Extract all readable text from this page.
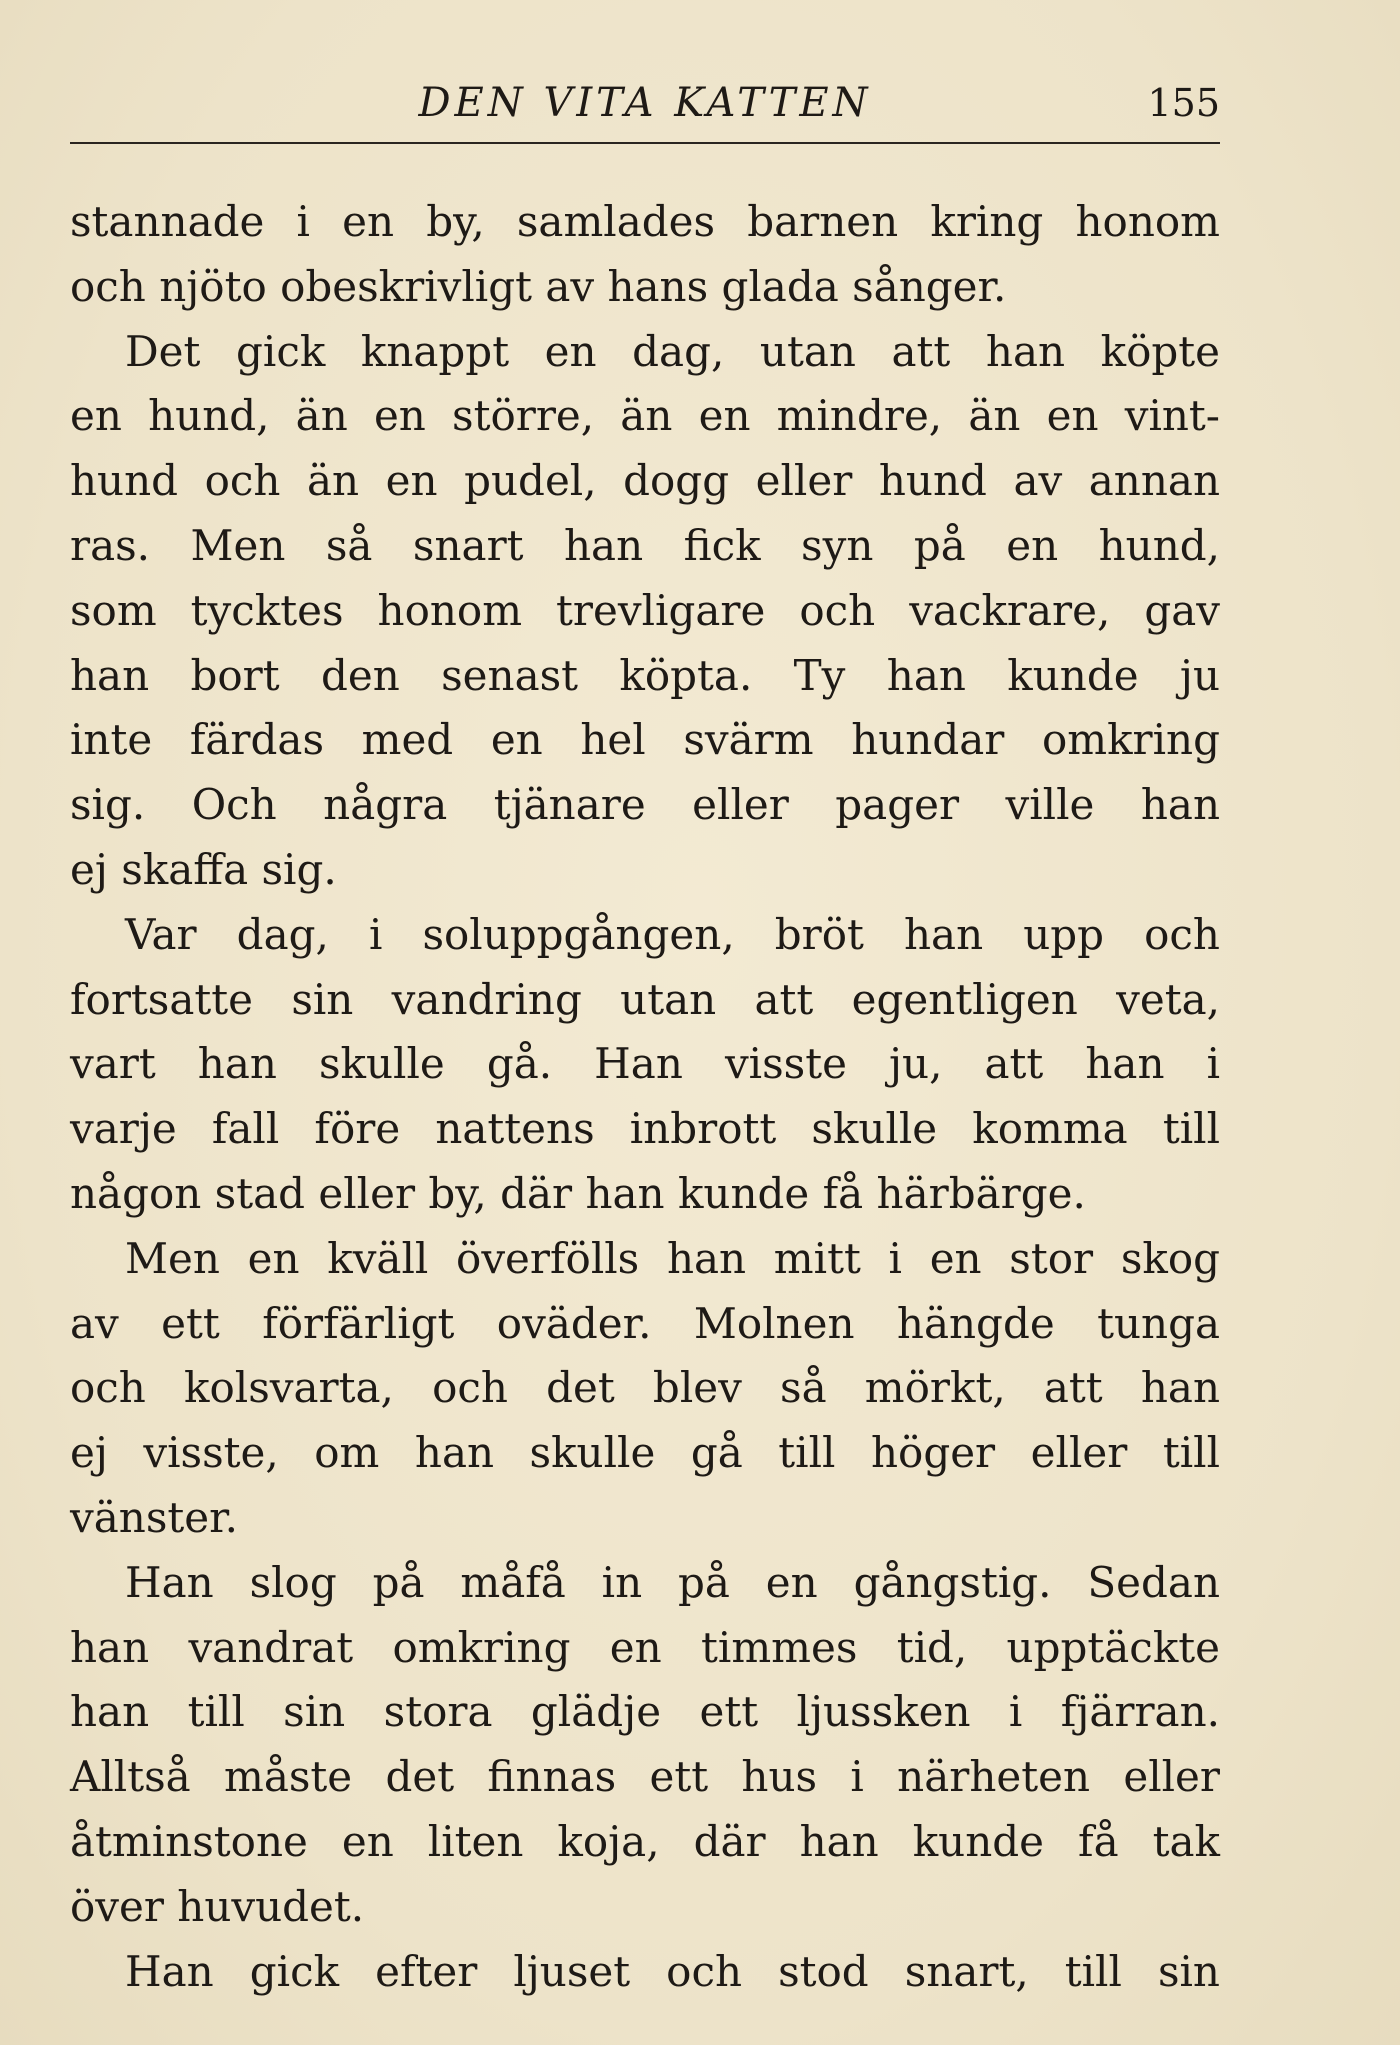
DEN VITA KATTEN	155
stannade i en by, samlades barnen kring honom
och njöto obeskrivligt av hans glada sånger.
Det gick knappt en dag, utan att han köpte
en hund, än en större, än en mindre, än en vint-
hund och än en pudel, dogg eller hund av annan
ras. Men så snart han fick syn på en hund,
som tycktes honom trevligare och vackrare, gav
han bort den senast köpta. Ty han kunde ju
inte färdas med en hel svärm hundar omkring
sig. Och några tjänare eller pager ville han
ej skaffa sig.
Var dag, i soluppgången, bröt han upp och
fortsatte sin vandring utan att egentligen veta,
vart han skulle gå. Han visste ju, att han i
varje fall före nattens inbrott skulle komma till
någon stad eller by, där han kunde få härbärge.
Men en kväll överfölls han mitt i en stor skog
av ett förfärligt oväder. Molnen hängde tunga
och kolsvarta, och det blev så mörkt, att han
ej visste, om han skulle gå till höger eller till
vänster.
Han slog på måfå in på en gångstig. Sedan
han vandrat omkring en timmes tid, upptäckte
han till sin stora glädje ett ljussken i fjärran.
Alltså måste det finnas ett hus i närheten eller
åtminstone en liten koja, där han kunde få tak
över huvudet.
Han gick efter ljuset och stod snart, till sin
